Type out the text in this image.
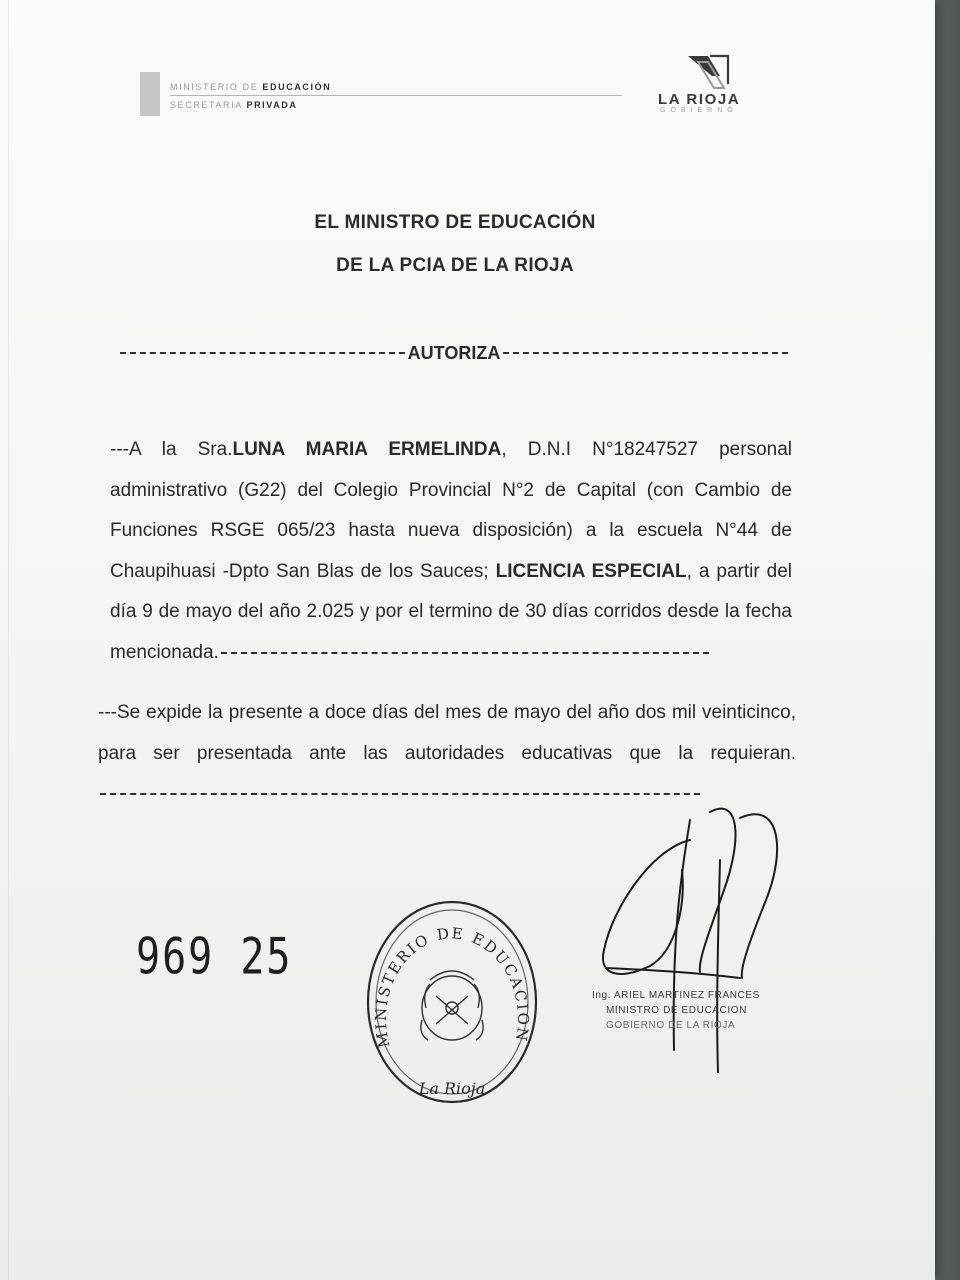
MINISTERIO DE EDUCACIÓN
SECRETARIA PRIVADA	LA RIOJA
GOBIERNO
EL MINISTRO DE EDUCACIÓN
DE LA PCIA DE LA RIOJA
AUTORIZA
---A la Sra.LUNA MARIA ERMELINDA, D.N.I N°18247527 personal administrativo (G22) del Colegio Provincial N°2 de Capital (con Cambio de Funciones RSGE 065/23 hasta nueva disposición) a la escuela N°44 de Chaupihuasi -Dpto San Blas de los Sauces; LICENCIA ESPECIAL, a partir del día 9 de mayo del año 2.025 y por el termino de 30 días corridos desde la fecha mencionada.
---Se expide la presente a doce días del mes de mayo del año dos mil veinticinco, para ser presentada ante las autoridades educativas que la requieran.
969 25
MINISTERIO DE EDUCACION
La Rioja
Ing. ARIEL MARTINEZ FRANCES
MINISTRO DE EDUCACION
GOBIERNO DE LA RIOJA
